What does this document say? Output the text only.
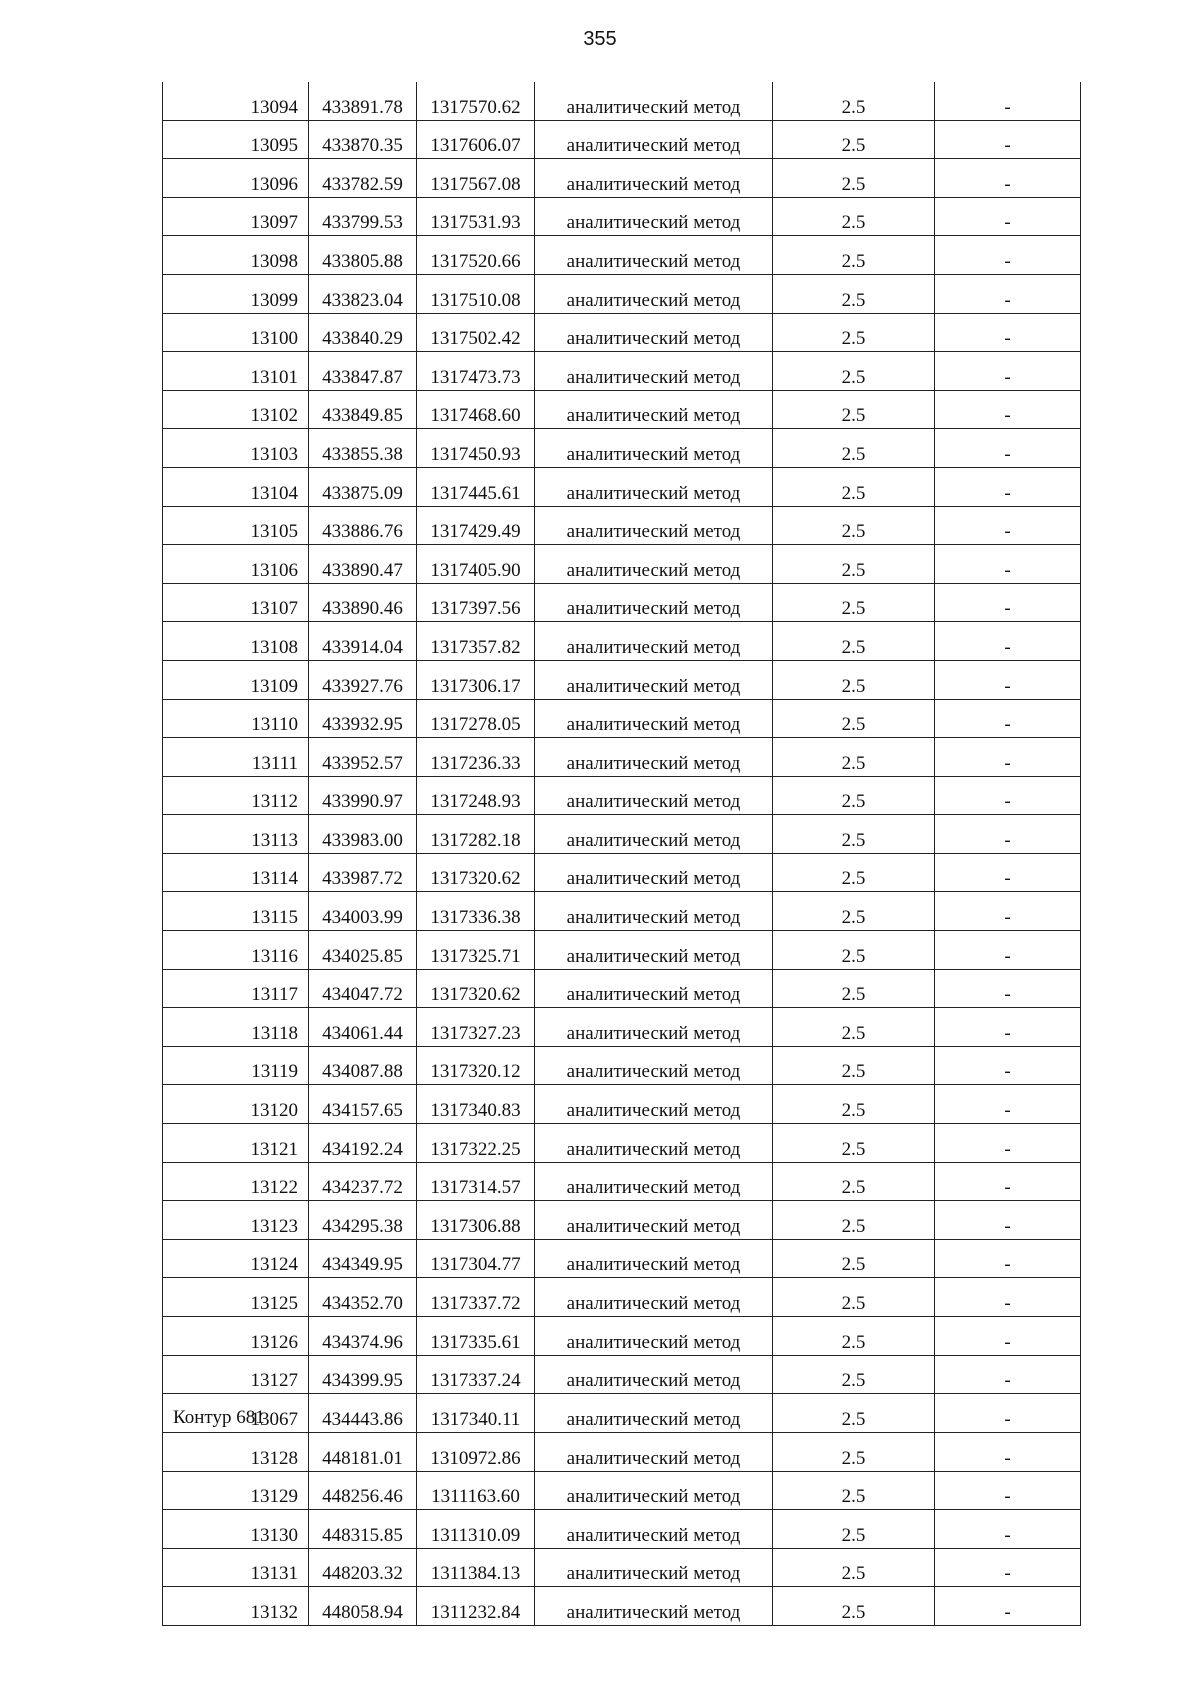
355
13094	433891.78	1317570.62	аналитический метод	2.5	-
13095	433870.35	1317606.07	аналитический метод	2.5	-
13096	433782.59	1317567.08	аналитический метод	2.5	-
13097	433799.53	1317531.93	аналитический метод	2.5	-
13098	433805.88	1317520.66	аналитический метод	2.5	-
13099	433823.04	1317510.08	аналитический метод	2.5	-
13100	433840.29	1317502.42	аналитический метод	2.5	-
13101	433847.87	1317473.73	аналитический метод	2.5	-
13102	433849.85	1317468.60	аналитический метод	2.5	-
13103	433855.38	1317450.93	аналитический метод	2.5	-
13104	433875.09	1317445.61	аналитический метод	2.5	-
13105	433886.76	1317429.49	аналитический метод	2.5	-
13106	433890.47	1317405.90	аналитический метод	2.5	-
13107	433890.46	1317397.56	аналитический метод	2.5	-
13108	433914.04	1317357.82	аналитический метод	2.5	-
13109	433927.76	1317306.17	аналитический метод	2.5	-
13110	433932.95	1317278.05	аналитический метод	2.5	-
13111	433952.57	1317236.33	аналитический метод	2.5	-
13112	433990.97	1317248.93	аналитический метод	2.5	-
13113	433983.00	1317282.18	аналитический метод	2.5	-
13114	433987.72	1317320.62	аналитический метод	2.5	-
13115	434003.99	1317336.38	аналитический метод	2.5	-
13116	434025.85	1317325.71	аналитический метод	2.5	-
13117	434047.72	1317320.62	аналитический метод	2.5	-
13118	434061.44	1317327.23	аналитический метод	2.5	-
13119	434087.88	1317320.12	аналитический метод	2.5	-
13120	434157.65	1317340.83	аналитический метод	2.5	-
13121	434192.24	1317322.25	аналитический метод	2.5	-
13122	434237.72	1317314.57	аналитический метод	2.5	-
13123	434295.38	1317306.88	аналитический метод	2.5	-
13124	434349.95	1317304.77	аналитический метод	2.5	-
13125	434352.70	1317337.72	аналитический метод	2.5	-
13126	434374.96	1317335.61	аналитический метод	2.5	-
13127	434399.95	1317337.24	аналитический метод	2.5	-
13067	434443.86	1317340.11	аналитический метод	2.5	-
Контур 681
13128	448181.01	1310972.86	аналитический метод	2.5	-
13129	448256.46	1311163.60	аналитический метод	2.5	-
13130	448315.85	1311310.09	аналитический метод	2.5	-
13131	448203.32	1311384.13	аналитический метод	2.5	-
13132	448058.94	1311232.84	аналитический метод	2.5	-
